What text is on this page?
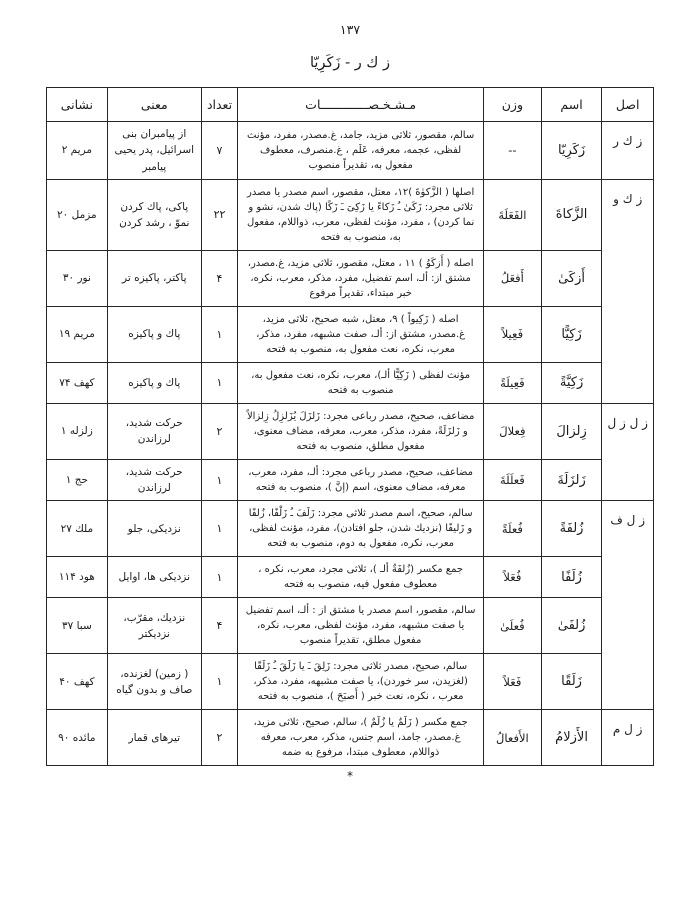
۱۳۷
ز ك ر - زَكَرِيّا
اصل	اسم	وزن	مـشـخـصـــــــــــــات	تعداد	معنى	نشانى
ز ك ر	زَكَرِيّا	--	سالم، مقصور، ثلاثى مزيد، جامد، غ.مصدر، مفرد، مؤنث لفظى، عجمه، معرفه، عَلَم ، غ.منصرف، معطوف مفعول به، تقديراً منصوب	۷	از پيامبران بنى اسرائيل، پدر يحيى پيامبر	مريم ۲
ز ك و	الزَّكاةَ	الفَعَلَةَ	اصلها ( الزَّكوٰةَ )۱۲، معتل، مقصور، اسم مصدر يا مصدر ثلاثى مجرد: زَكَىٰ ـُ زَكاءً يا زَكِىَ ـَ زَكًا (پاك شدن، نشو و نما كردن) ، مفرد، مؤنث لفظى، معرب، ذواللام، مفعول به، منصوب به فتحه	۲۲	پاكى، پاك كردن نموّ ، رشد كردن	مزمل ۲۰
	أَزكَىٰ	أَفعَلُ	اصله ( أَزكَوُ ) ۱۱ ، معتل، مقصور، ثلاثى مزيد، غ.مصدر، مشتق از: ألـ، اسم تفضيل، مفرد، مذكر، معرب، نكره، خبر مبتداء، تقديراً مرفوع	۴	پاكتر، پاكيزه تر	نور ۳۰
	زَكِيًّا	فَعِيلاً	اصله ( زَكِيواً ) ۹، معتل، شبه صحيح، ثلاثى مزيد، غ.مصدر، مشتق از: ألـ، صفت مشبهه، مفرد، مذكر، معرب، نكره، نعت مفعول به، منصوب به فتحه	۱	پاك و پاكيزه	مريم ۱۹
	زَكِيَّةً	فَعِيلَةً	مؤنث لفظى ( زَكِيًّا ألـ)، معرب، نكره، نعت مفعول به، منصوب به فتحه	۱	پاك و پاكيزه	كهف ۷۴
ز ل ز ل	زِلزالَ	فِعلالَ	مضاعف، صحيح، مصدر رباعى مجرد: زَلزَلَ يُزَلزِلُ زِلزالاً و زَلزَلَةً، مفرد، مذكر، معرب، معرفه، مضاف معنوى، مفعول مطلق، منصوب به فتحه	۲	حركت شديد، لرزاندن	زلزله ۱
	زَلزَلَةَ	فَعلَلَةَ	مضاعف، صحيح، مصدر رباعى مجرد: ألـ، مفرد، معرب، معرفه، مضاف معنوى، اسم (إنَّ )، منصوب به فتحه	۱	حركت شديد، لرزاندن	حج ۱
ز ل ف	زُلفَةً	فُعلَةً	سالم، صحيح، اسم مصدر ثلاثى مجرد: زَلَفَ ـُ زَلْفًا، زُلفًا و زَليفًا (نزديك شدن، جلو افتادن)، مفرد، مؤنث لفظى، معرب، نكره، مفعول به دوم، منصوب به فتحه	۱	نزديكى، جلو	ملك ۲۷
	زُلَفًا	فُعَلاً	جمع مكسر (زُلفَةٌ ألـ )، ثلاثى مجرد، معرب، نكره ، معطوف مفعول فيه، منصوب به فتحه	۱	نزديكى ها، اوايل	هود ۱۱۴
	زُلفَىٰ	فُعلَىٰ	سالم، مقصور، اسم مصدر يا مشتق از : ألـ، اسم تفضيل يا صفت مشبهه، مفرد، مؤنث لفظى، معرب، نكره، مفعول مطلق، تقديراً منصوب	۴	نزديك، مقرّب، نزديكتر	سبا ۳۷
	زَلَقًا	فَعَلاً	سالم، صحيح، مصدر ثلاثى مجرد: زَلِقَ ـَ يا زَلَقَ ـُ زَلَقًا (لغزيدن، سر خوردن)، يا صفت مشبهه، مفرد، مذكر، معرب ، نكره، نعت خبر ( أَصبَحَ )، منصوب به فتحه	۱	( زمين) لغزنده، صاف و بدون گياه	كهف ۴۰
ز ل م	الأَزلامُ	الأَفعالُ	جمع مكسر ( زَلَمٌ يا زُلَمٌ )، سالم، صحيح، ثلاثى مزيد، غ.مصدر، جامد، اسم جنس، مذكر، معرب، معرفه ذواللام، معطوف مبتدا، مرفوع به ضمه	۲	تيرهاى قمار	مائده ۹۰
*
